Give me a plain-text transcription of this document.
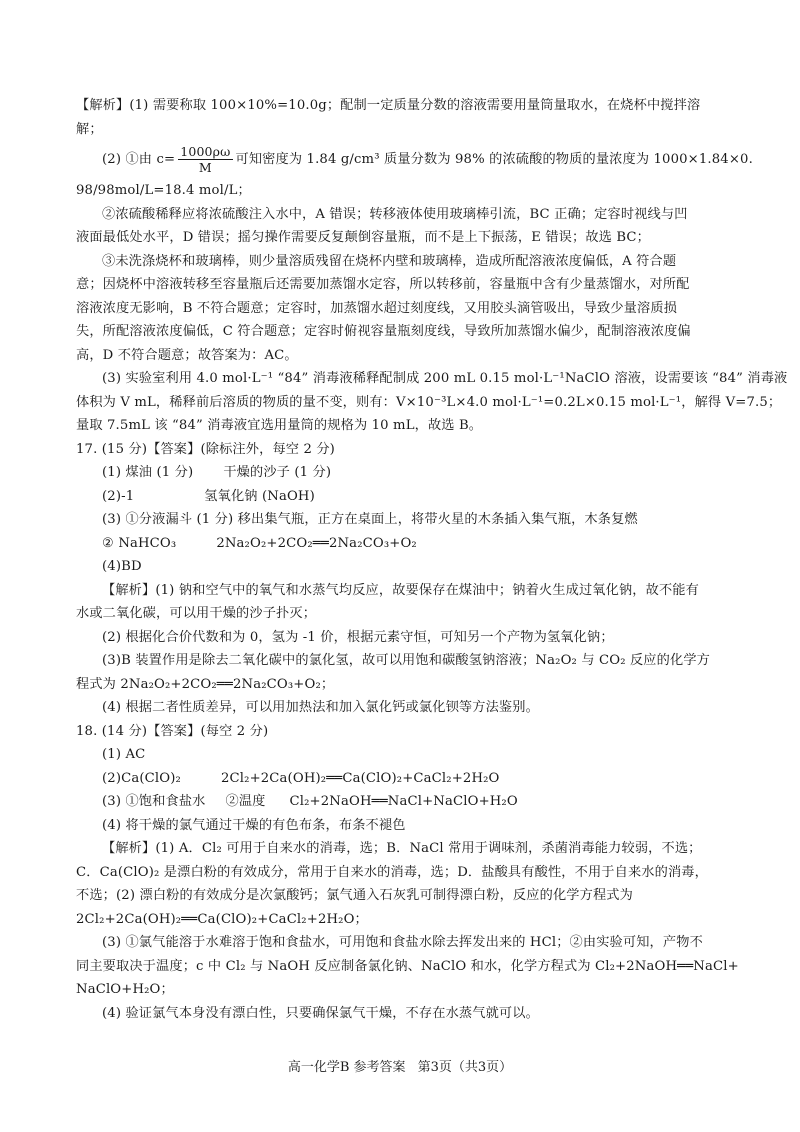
【解析】(1) 需要称取 100×10%=10.0g；配制一定质量分数的溶液需要用量筒量取水，在烧杯中搅拌溶
解；
(2) ①由 $c= \frac{1000\rho\omega}{M}$ 可知密度为 1.84 g/cm³ 质量分数为 98% 的浓硫酸的物质的量浓度为 1000×1.84×0.
98/98mol/L=18.4 mol/L；
②浓硫酸稀释应将浓硫酸注入水中，A 错误；转移液体使用玻璃棒引流，BC 正确；定容时视线与凹
液面最低处水平，D 错误；摇匀操作需要反复颠倒容量瓶，而不是上下振荡，E 错误；故选 BC；
③未洗涤烧杯和玻璃棒，则少量溶质残留在烧杯内壁和玻璃棒，造成所配溶液浓度偏低，A 符合题
意；因烧杯中溶液转移至容量瓶后还需要加蒸馏水定容，所以转移前，容量瓶中含有少量蒸馏水，对所配
溶液浓度无影响，B 不符合题意；定容时，加蒸馏水超过刻度线，又用胶头滴管吸出，导致少量溶质损
失，所配溶液浓度偏低，C 符合题意；定容时俯视容量瓶刻度线，导致所加蒸馏水偏少，配制溶液浓度偏
高，D 不符合题意；故答案为：AC。
(3) 实验室利用 4.0 mol·L⁻¹ “84” 消毒液稀释配制成 200 mL 0.15 mol·L⁻¹NaClO 溶液，设需要该 “84” 消毒液
体积为 V mL，稀释前后溶质的物质的量不变，则有：V×10⁻³L×4.0 mol·L⁻¹=0.2L×0.15 mol·L⁻¹，解得 V=7.5；
量取 7.5mL 该 “84” 消毒液宜选用量筒的规格为 10 mL，故选 B。
17. (15 分)【答案】(除标注外，每空 2 分)
(1) 煤油 (1 分) 干燥的沙子 (1 分)
(2)-1	氢氧化钠 (NaOH)
(3) ①分液漏斗 (1 分) 移出集气瓶，正方在桌面上，将带火星的木条插入集气瓶，木条复燃
② NaHCO₃	2Na₂O₂+2CO₂══2Na₂CO₃+O₂
(4)BD
【解析】(1) 钠和空气中的氧气和水蒸气均反应，故要保存在煤油中；钠着火生成过氧化钠，故不能有
水或二氧化碳，可以用干燥的沙子扑灭；
(2) 根据化合价代数和为 0，氢为 -1 价，根据元素守恒，可知另一个产物为氢氧化钠；
(3)B 装置作用是除去二氧化碳中的氯化氢，故可以用饱和碳酸氢钠溶液；Na₂O₂ 与 CO₂ 反应的化学方
程式为 2Na₂O₂+2CO₂══2Na₂CO₃+O₂；
(4) 根据二者性质差异，可以用加热法和加入氯化钙或氯化钡等方法鉴别。
18. (14 分)【答案】(每空 2 分)
(1) AC
(2)Ca(ClO)₂	2Cl₂+2Ca(OH)₂══Ca(ClO)₂+CaCl₂+2H₂O
(3) ①饱和食盐水 ②温度 Cl₂+2NaOH══NaCl+NaClO+H₂O
(4) 将干燥的氯气通过干燥的有色布条，布条不褪色
【解析】(1) A．Cl₂ 可用于自来水的消毒，选；B．NaCl 常用于调味剂，杀菌消毒能力较弱，不选；
C．Ca(ClO)₂ 是漂白粉的有效成分，常用于自来水的消毒，选；D．盐酸具有酸性，不用于自来水的消毒，
不选；(2) 漂白粉的有效成分是次氯酸钙；氯气通入石灰乳可制得漂白粉，反应的化学方程式为
2Cl₂+2Ca(OH)₂══Ca(ClO)₂+CaCl₂+2H₂O；
(3) ①氯气能溶于水难溶于饱和食盐水，可用饱和食盐水除去挥发出来的 HCl；②由实验可知，产物不
同主要取决于温度；c 中 Cl₂ 与 NaOH 反应制备氯化钠、NaClO 和水，化学方程式为 Cl₂+2NaOH══NaCl+
NaClO+H₂O；
(4) 验证氯气本身没有漂白性，只要确保氯气干燥，不存在水蒸气就可以。
高一化学B 参考答案 第3页（共3页）
